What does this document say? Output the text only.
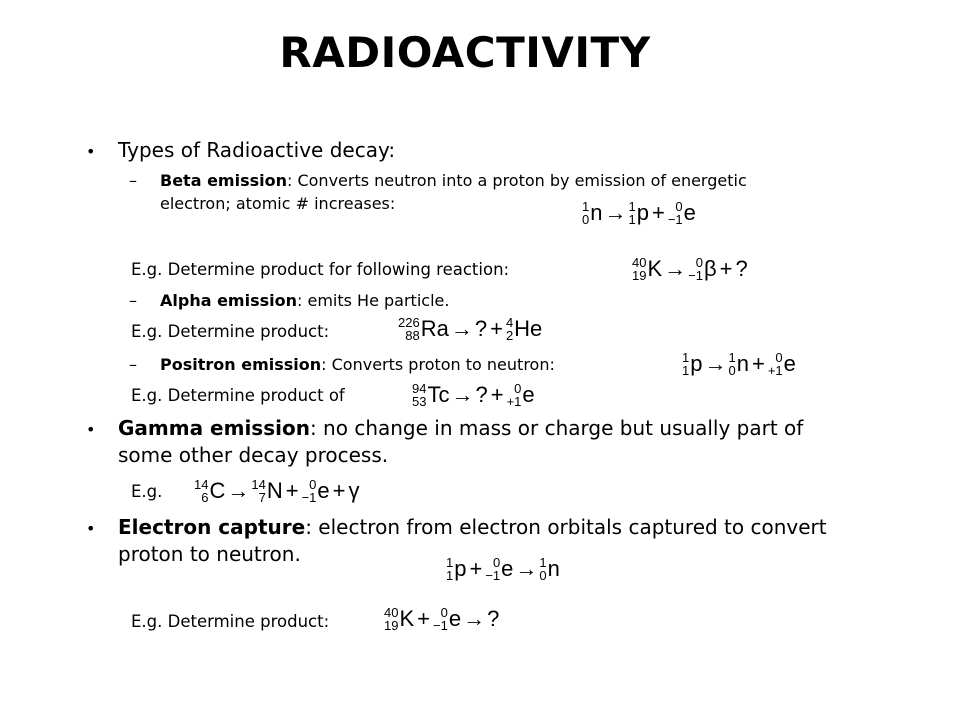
RADIOACTIVITY
• Types of Radioactive decay:
– Beta emission: Converts neutron into a proton by emission of energetic
electron; atomic # increases:	1
0 n → 1
1 p + 0
−1 e
E.g. Determine product for following reaction:	40
19 K → 0
−1 β + ?
– Alpha emission: emits He particle.
E.g. Determine product:	226
88 Ra → ? + 4
2 He
– Positron emission: Converts proton to neutron:	1
1 p → 1
0 n + 0
+1 e
E.g. Determine product of	94
53 Tc → ? + 0
+1 e
• Gamma emission: no change in mass or charge but usually part of
some other decay process.
E.g. 14
6 C → 14
7 N + 0
−1 e + γ
• Electron capture: electron from electron orbitals captured to convert
proton to neutron.	1
1 p + 0
−1 e → 1
0 n
E.g. Determine product:	40
19 K + 0
−1 e → ?
